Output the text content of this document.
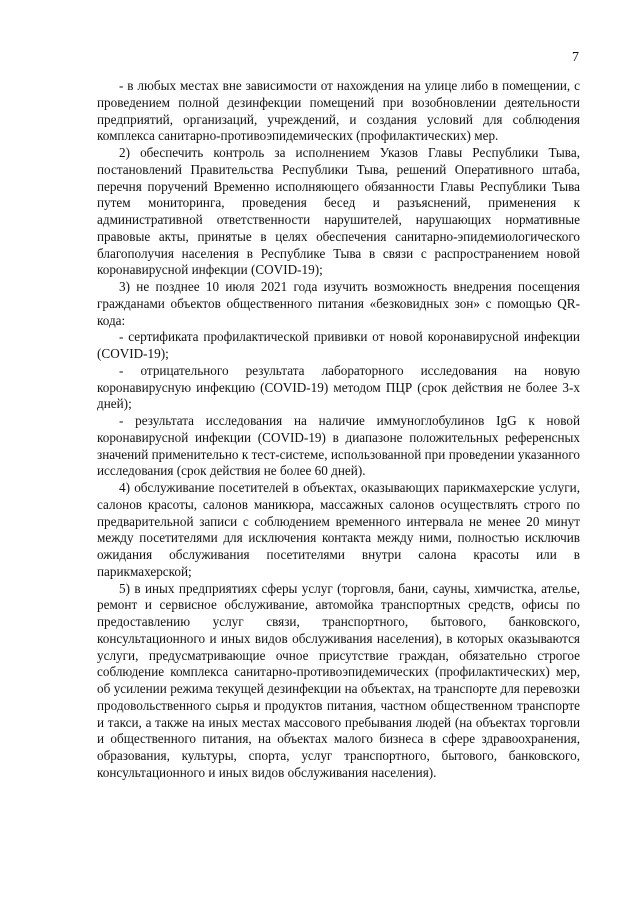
7

- в любых местах вне зависимости от нахождения на улице либо в помещении, с проведением полной дезинфекции помещений при возобновлении деятельности предприятий, организаций, учреждений, и создания условий для соблюдения комплекса санитарно-противоэпидемических (профилактических) мер.

2) обеспечить контроль за исполнением Указов Главы Республики Тыва, постановлений Правительства Республики Тыва, решений Оперативного штаба, перечня поручений Временно исполняющего обязанности Главы Республики Тыва путем мониторинга, проведения бесед и разъяснений, применения к административной ответственности нарушителей, нарушающих нормативные правовые акты, принятые в целях обеспечения санитарно-эпидемиологического благополучия населения в Республике Тыва в связи с распространением новой коронавирусной инфекции (COVID-19);

3) не позднее 10 июля 2021 года изучить возможность внедрения посещения гражданами объектов общественного питания «безковидных зон» с помощью QR-кода:

- сертификата профилактической прививки от новой коронавирусной инфекции (COVID-19);

- отрицательного результата лабораторного исследования на новую коронавирусную инфекцию (COVID-19) методом ПЦР (срок действия не более 3-х дней);

- результата исследования на наличие иммуноглобулинов IgG к новой коронавирусной инфекции (COVID-19) в диапазоне положительных референсных значений применительно к тест-системе, использованной при проведении указанного исследования (срок действия не более 60 дней).

4) обслуживание посетителей в объектах, оказывающих парикмахерские услуги, салонов красоты, салонов маникюра, массажных салонов осуществлять строго по предварительной записи с соблюдением временного интервала не менее 20 минут между посетителями для исключения контакта между ними, полностью исключив ожидания обслуживания посетителями внутри салона красоты или в парикмахерской;

5) в иных предприятиях сферы услуг (торговля, бани, сауны, химчистка, ателье, ремонт и сервисное обслуживание, автомойка транспортных средств, офисы по предоставлению услуг связи, транспортного, бытового, банковского, консультационного и иных видов обслуживания населения), в которых оказываются услуги, предусматривающие очное присутствие граждан, обязательно строгое соблюдение комплекса санитарно-противоэпидемических (профилактических) мер, об усилении режима текущей дезинфекции на объектах, на транспорте для перевозки продовольственного сырья и продуктов питания, частном общественном транспорте и такси, а также на иных местах массового пребывания людей (на объектах торговли и общественного питания, на объектах малого бизнеса в сфере здравоохранения, образования, культуры, спорта, услуг транспортного, бытового, банковского, консультационного и иных видов обслуживания населения).
